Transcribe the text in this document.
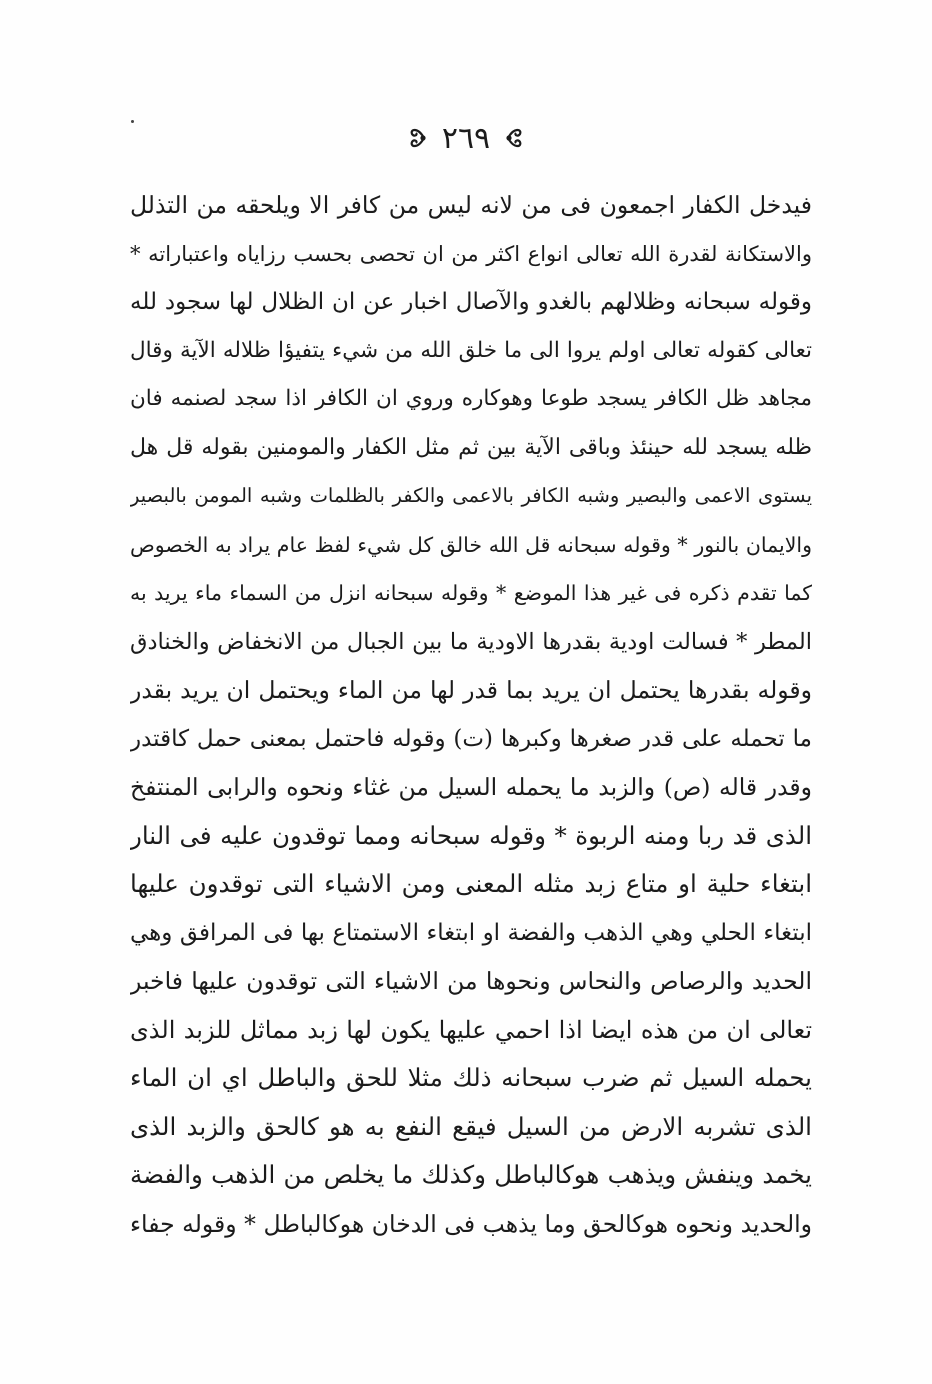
٢٦٩
فيدخل الكفار اجمعون فى من لانه ليس من كافر الا ويلحقه من التذلل
والاستكانة لقدرة الله تعالى انواع اكثر من ان تحصى بحسب رزاياه واعتباراته *
وقوله سبحانه وظلالهم بالغدو والآصال اخبار عن ان الظلال لها سجود لله
تعالى كقوله تعالى اولم يروا الى ما خلق الله من شيء يتفيؤا ظلاله الآية وقال
مجاهد ظل الكافر يسجد طوعا وهوكاره وروي ان الكافر اذا سجد لصنمه فان
ظله يسجد لله حينئذ وباقى الآية بين ثم مثل الكفار والمومنين بقوله قل هل
يستوى الاعمى والبصير وشبه الكافر بالاعمى والكفر بالظلمات وشبه المومن بالبصير
والايمان بالنور * وقوله سبحانه قل الله خالق كل شيء لفظ عام يراد به الخصوص
كما تقدم ذكره فى غير هذا الموضع * وقوله سبحانه انزل من السماء ماء يريد به
المطر * فسالت اودية بقدرها الاودية ما بين الجبال من الانخفاض والخنادق
وقوله بقدرها يحتمل ان يريد بما قدر لها من الماء ويحتمل ان يريد بقدر
ما تحمله على قدر صغرها وكبرها (ت) وقوله فاحتمل بمعنى حمل كاقتدر
وقدر قاله (ص) والزبد ما يحمله السيل من غثاء ونحوه والرابى المنتفخ
الذى قد ربا ومنه الربوة * وقوله سبحانه ومما توقدون عليه فى النار
ابتغاء حلية او متاع زبد مثله المعنى ومن الاشياء التى توقدون عليها
ابتغاء الحلي وهي الذهب والفضة او ابتغاء الاستمتاع بها فى المرافق وهي
الحديد والرصاص والنحاس ونحوها من الاشياء التى توقدون عليها فاخبر
تعالى ان من هذه ايضا اذا احمي عليها يكون لها زبد مماثل للزبد الذى
يحمله السيل ثم ضرب سبحانه ذلك مثلا للحق والباطل اي ان الماء
الذى تشربه الارض من السيل فيقع النفع به هو كالحق والزبد الذى
يخمد وينفش ويذهب هوكالباطل وكذلك ما يخلص من الذهب والفضة
والحديد ونحوه هوكالحق وما يذهب فى الدخان هوكالباطل * وقوله جفاء
